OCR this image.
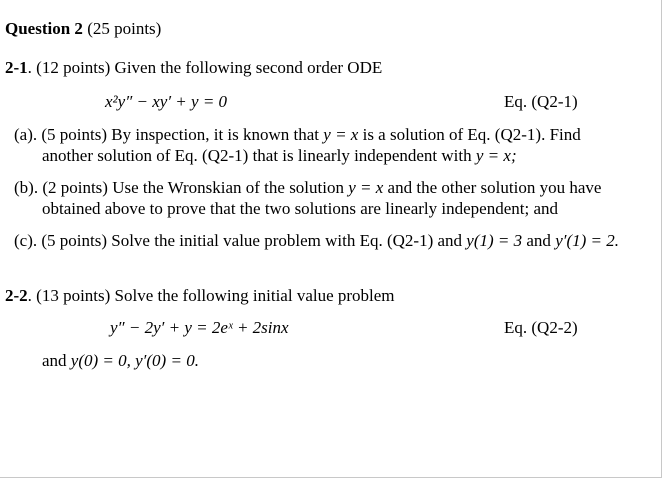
Question 2 (25 points)
2-1. (12 points) Given the following second order ODE
x²y″ − xy′ + y = 0	Eq. (Q2-1)
(a). (5 points) By inspection, it is known that y = x is a solution of Eq. (Q2-1). Find
another solution of Eq. (Q2-1) that is linearly independent with y = x;
(b). (2 points) Use the Wronskian of the solution y = x and the other solution you have
obtained above to prove that the two solutions are linearly independent; and
(c). (5 points) Solve the initial value problem with Eq. (Q2-1) and y(1) = 3 and y′(1) = 2.
2-2. (13 points) Solve the following initial value problem
y″ − 2y′ + y = 2eˣ + 2sinx	Eq. (Q2-2)
and y(0) = 0, y′(0) = 0.
